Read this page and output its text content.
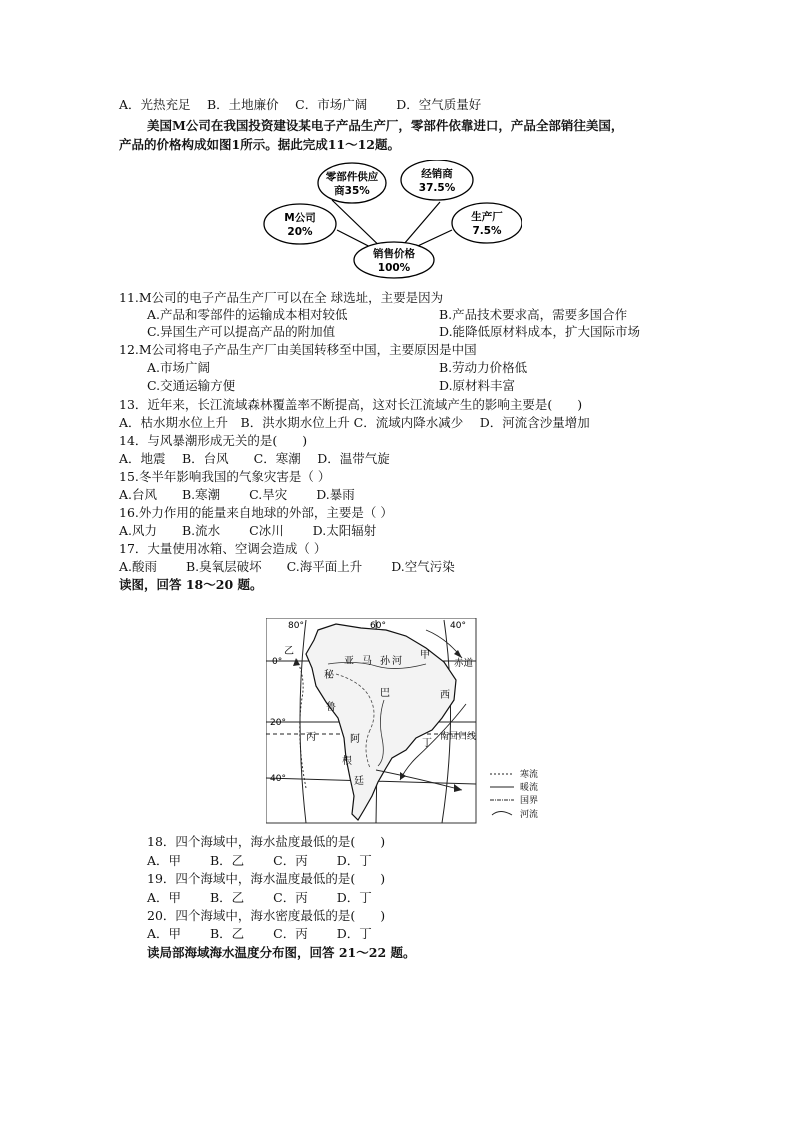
A．光热充足　 B．土地廉价　 C．市场广阔　　 D．空气质量好
美国M公司在我国投资建设某电子产品生产厂，零部件依靠进口，产品全部销往美国，
产品的价格构成如图1所示。据此完成11～12题。
零部件供应
商35%
经销商
37.5%
M公司
20%
生产厂
7.5%
销售价格
100%
11.M公司的电子产品生产厂可以在全 球选址，主要是因为
A.产品和零部件的运输成本相对较低	B.产品技术要求高，需要多国合作
C.异国生产可以提高产品的附加值	D.能降低原材料成本，扩大国际市场
12.M公司将电子产品生产厂由美国转移至中国，主要原因是中国
A.市场广阔	B.劳动力价格低
C.交通运输方便	D.原材料丰富
13．近年来，长江流域森林覆盖率不断提高，这对长江流域产生的影响主要是(　　)
A．枯水期水位上升　B．洪水期水位上升 C．流域内降水减少　 D．河流含沙量增加
14．与风暴潮形成无关的是(　　)
A．地震　 B．台风　　C．寒潮　 D．温带气旋
15.冬半年影响我国的气象灾害是（ ）
A.台风　　B.寒潮　　 C.旱灾　　 D.暴雨
16.外力作用的能量来自地球的外部，主要是（ ）
A.风力　　B.流水　　 C冰川　　 D.太阳辐射
17．大量使用冰箱、空调会造成（ ）
A.酸雨　　 B.臭氧层破坏　　C.海平面上升　　 D.空气污染
读图，回答 18～20 题。
80°	60°	40°
0°
20°
40°
赤道
南回归线
甲
乙
丙
丁
亚 马 孙 河
秘
鲁
巴	西
阿
根
廷
寒流
暖流
国界
河流
18．四个海域中，海水盐度最低的是(　　)
A．甲　　 B．乙　　 C．丙　　 D．丁
19．四个海域中，海水温度最低的是(　　)
A．甲　　 B．乙　　 C．丙　　 D．丁
20．四个海域中，海水密度最低的是(　　)
A．甲　　 B．乙　　 C．丙　　 D．丁
读局部海域海水温度分布图，回答 21～22 题。
